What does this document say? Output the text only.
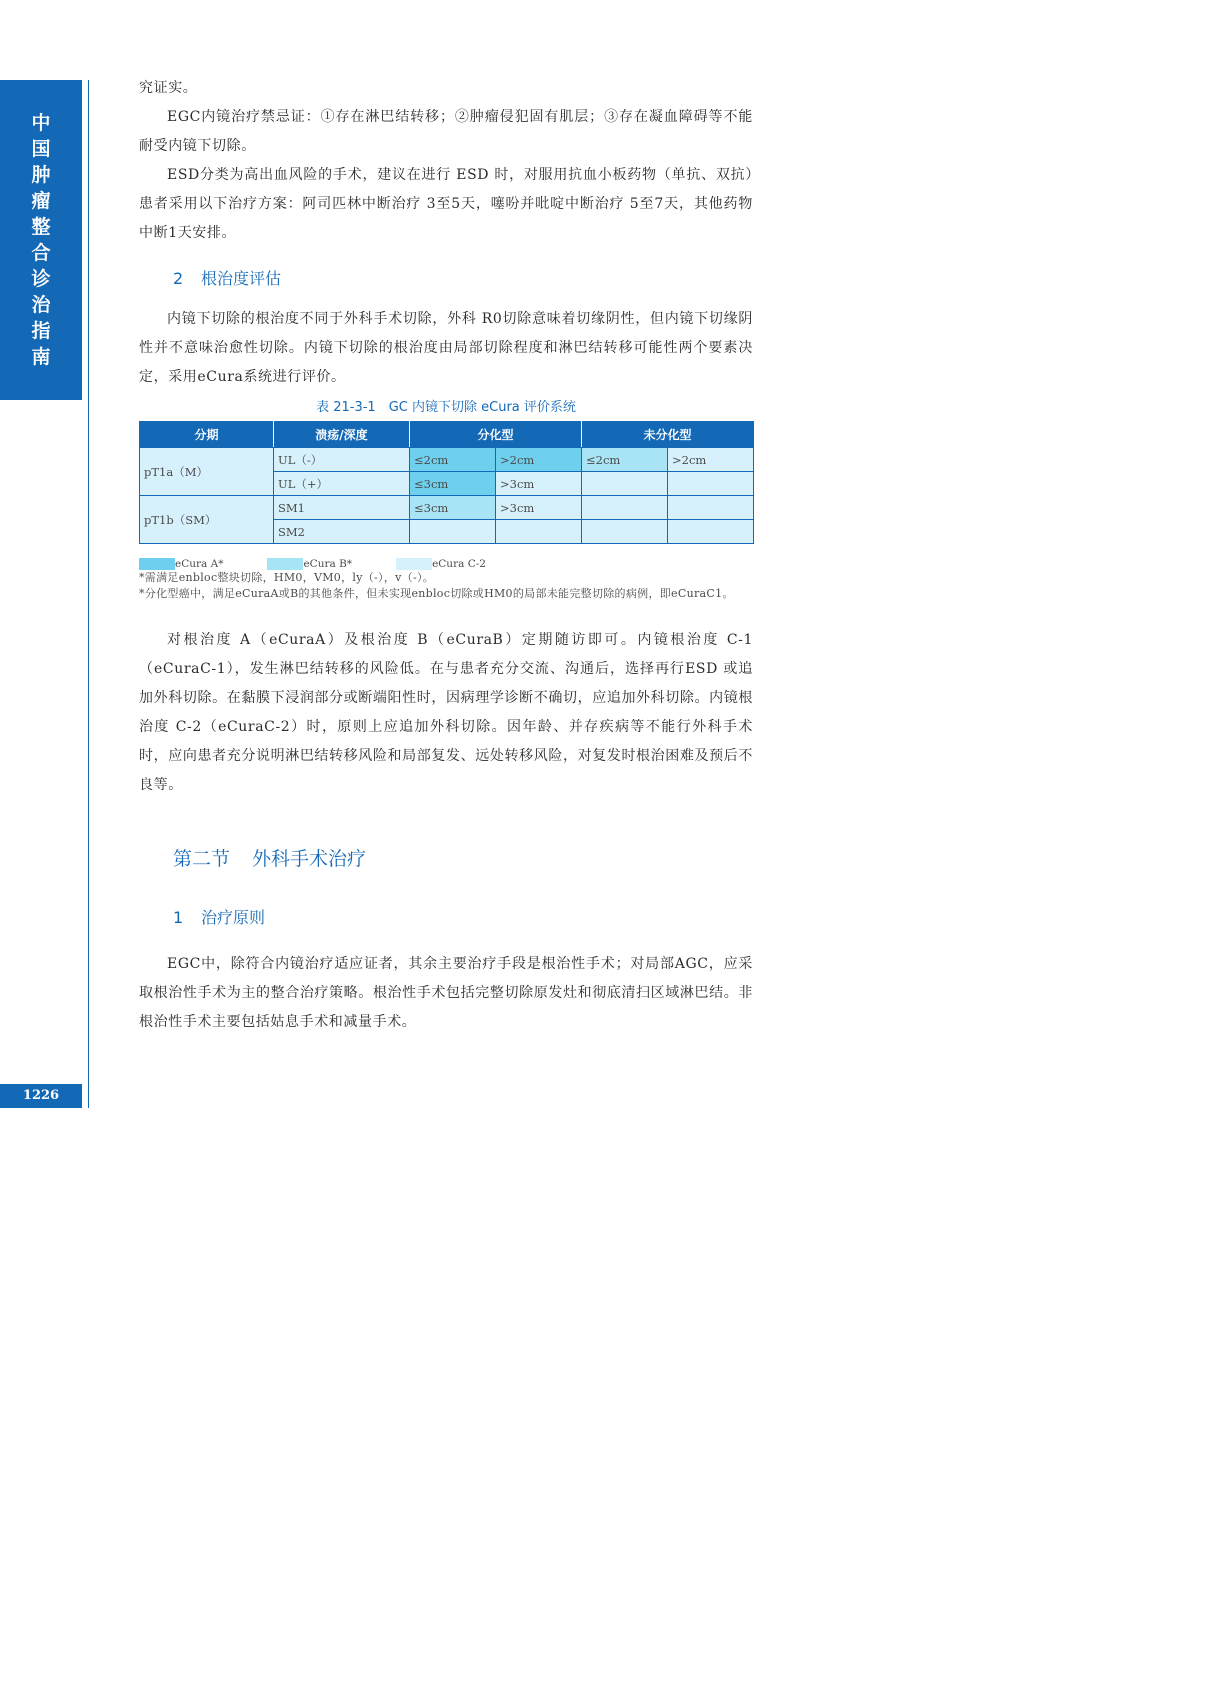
中
国
肿
瘤
整
合
诊
治
指
南
1226

究证实。

EGC内镜治疗禁忌证：①存在淋巴结转移；②肿瘤侵犯固有肌层；③存在凝血障碍等不能耐受内镜下切除。

ESD分类为高出血风险的手术，建议在进行 ESD 时，对服用抗血小板药物（单抗、双抗）患者采用以下治疗方案：阿司匹林中断治疗 3至5天，噻吩并吡啶中断治疗 5至7天，其他药物中断1天安排。

2 根治度评估

内镜下切除的根治度不同于外科手术切除，外科 R0切除意味着切缘阴性，但内镜下切缘阴性并不意味治愈性切除。内镜下切除的根治度由局部切除程度和淋巴结转移可能性两个要素决定，采用eCura系统进行评价。

表 21-3-1　GC 内镜下切除 eCura 评价系统

分期	溃疡/深度	分化型		未分化型	
pT1a（M）	UL（-）	≤2cm	>2cm	≤2cm	>2cm
	UL（+）	≤3cm	>3cm		
pT1b（SM）	SM1	≤3cm	>3cm		
	SM2				
eCura A*	eCura B*	eCura C-2

*需满足enbloc整块切除，HM0，VM0，ly（-），v（-）。

*分化型癌中，满足eCuraA或B的其他条件，但未实现enbloc切除或HM0的局部未能完整切除的病例，即eCuraC1。

对根治度 A（eCuraA）及根治度 B（eCuraB）定期随访即可。内镜根治度 C-1（eCuraC-1），发生淋巴结转移的风险低。在与患者充分交流、沟通后，选择再行ESD 或追加外科切除。在黏膜下浸润部分或断端阳性时，因病理学诊断不确切，应追加外科切除。内镜根治度 C-2（eCuraC-2）时，原则上应追加外科切除。因年龄、并存疾病等不能行外科手术时，应向患者充分说明淋巴结转移风险和局部复发、远处转移风险，对复发时根治困难及预后不良等。

第二节 外科手术治疗

1 治疗原则

EGC中，除符合内镜治疗适应证者，其余主要治疗手段是根治性手术；对局部AGC，应采取根治性手术为主的整合治疗策略。根治性手术包括完整切除原发灶和彻底清扫区域淋巴结。非根治性手术主要包括姑息手术和减量手术。
